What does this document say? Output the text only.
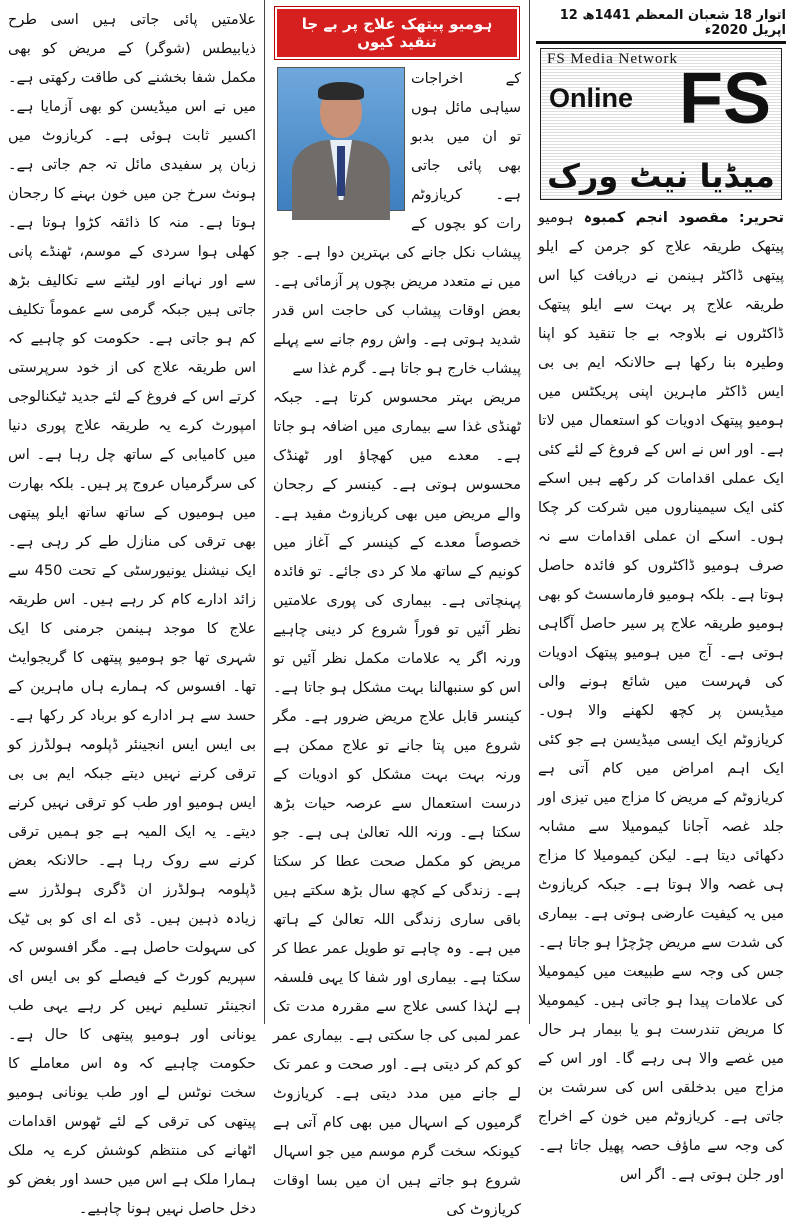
اتوار 18 شعبان المعظم 1441ھ 12 اپریل 2020ء
FS Media Network
Online FS
میڈیا نیٹ ورک
تحریر: مقصود انجم کمبوہ ہومیو پیتھک طریقہ علاج کو جرمن کے ایلو پیتھی ڈاکٹر ہینمن نے دریافت کیا اس طریقہ علاج پر بہت سے ایلو پیتھک ڈاکٹروں نے بلاوجہ بے جا تنقید کو اپنا وطیرہ بنا رکھا ہے حالانکہ ایم بی بی ایس ڈاکٹر ماہرین اپنی پریکٹس میں ہومیو پیتھک ادویات کو استعمال میں لاتا ہے۔ اور اس نے اس کے فروغ کے لئے کئی ایک عملی اقدامات کر رکھے ہیں اسکے کئی ایک سیمیناروں میں شرکت کر چکا ہوں۔ اسکے ان عملی اقدامات سے نہ صرف ہومیو ڈاکٹروں کو فائدہ حاصل ہوتا ہے۔ بلکہ ہومیو فارماسسٹ کو بھی ہومیو طریقہ علاج پر سیر حاصل آگاہی ہوتی ہے۔ آج میں ہومیو پیتھک ادویات کی فہرست میں شائع ہونے والی میڈیسن پر کچھ لکھنے والا ہوں۔ کریازوٹم ایک ایسی میڈیسن ہے جو کئی ایک اہم امراض میں کام آتی ہے کریازوٹم کے مریض کا مزاج میں تیزی اور جلد غصہ آجانا کیمومیلا سے مشابہ دکھائی دیتا ہے۔ لیکن کیمومیلا کا مزاج ہی غصہ والا ہوتا ہے۔ جبکہ کریازوٹ میں یہ کیفیت عارضی ہوتی ہے۔ بیماری کی شدت سے مریض چڑچڑا ہو جاتا ہے۔ جس کی وجہ سے طبیعت میں کیمومیلا کی علامات پیدا ہو جاتی ہیں۔ کیمومیلا کا مریض تندرست ہو یا بیمار ہر حال میں غصے والا ہی رہے گا۔ اور اس کے مزاج میں بدخلقی اس کی سرشت بن جاتی ہے۔ کریازوٹم میں خون کے اخراج کی وجہ سے ماؤف حصہ پھیل جاتا ہے۔ اور جلن ہوتی ہے۔ اگر اس
ہومیو پیتھک علاج پر بے جا تنقید کیوں
کے اخراجات سیاہی مائل ہوں تو ان میں بدبو بھی پائی جاتی ہے۔ کریازوٹم رات کو بچوں کے پیشاب نکل جانے کی بہترین دوا ہے۔ جو میں نے متعدد مریض بچوں پر آزمائی ہے۔ بعض اوقات پیشاب کی حاجت اس قدر شدید ہوتی ہے۔ واش روم جانے سے پہلے پیشاب خارج ہو جاتا ہے۔ گرم غذا سے
مریض بہتر محسوس کرتا ہے۔ جبکہ ٹھنڈی غذا سے بیماری میں اضافہ ہو جاتا ہے۔ معدے میں کھچاؤ اور ٹھنڈک محسوس ہوتی ہے۔ کینسر کے رجحان والے مریض میں بھی کریازوٹ مفید ہے۔ خصوصاً معدے کے کینسر کے آغاز میں کونیم کے ساتھ ملا کر دی جائے۔ تو فائدہ پہنچاتی ہے۔ بیماری کی پوری علامتیں نظر آئیں تو فوراً شروع کر دینی چاہیے ورنہ اگر یہ علامات مکمل نظر آئیں تو اس کو سنبھالنا بہت مشکل ہو جاتا ہے۔ کینسر قابل علاج مریض ضرور ہے۔ مگر شروع میں پتا جانے تو علاج ممکن ہے ورنہ بہت بہت مشکل کو ادویات کے درست استعمال سے عرصہ حیات بڑھ سکتا ہے۔ ورنہ اللہ تعالیٰ ہی ہے۔ جو مریض کو مکمل صحت عطا کر سکتا ہے۔ زندگی کے کچھ سال بڑھ سکتے ہیں باقی ساری زندگی اللہ تعالیٰ کے ہاتھ میں ہے۔ وہ چاہے تو طویل عمر عطا کر سکتا ہے۔ بیماری اور شفا کا یہی فلسفہ ہے لہٰذا کسی علاج سے مقررہ مدت تک عمر لمبی کی جا سکتی ہے۔ بیماری عمر کو کم کر دیتی ہے۔ اور صحت و عمر تک لے جانے میں مدد دیتی ہے۔ کریازوٹ گرمیوں کے اسہال میں بھی کام آتی ہے کیونکہ سخت گرم موسم میں جو اسہال شروع ہو جاتے ہیں ان میں بسا اوقات کریازوٹ کی
علامتیں پائی جاتی ہیں اسی طرح ذیابیطس (شوگر) کے مریض کو بھی مکمل شفا بخشنے کی طاقت رکھتی ہے۔ میں نے اس میڈیسن کو بھی آزمایا ہے۔ اکسیر ثابت ہوئی ہے۔ کریازوٹ میں زبان پر سفیدی مائل تہ جم جاتی ہے۔ ہونٹ سرخ جن میں خون بہنے کا رجحان ہوتا ہے۔ منہ کا ذائقہ کڑوا ہوتا ہے۔ کھلی ہوا سردی کے موسم، ٹھنڈے پانی سے اور نہانے اور لیٹنے سے تکالیف بڑھ جاتی ہیں جبکہ گرمی سے عموماً تکلیف کم ہو جاتی ہے۔ حکومت کو چاہیے کہ اس طریقہ علاج کی از خود سرپرستی کرتے اس کے فروغ کے لئے جدید ٹیکنالوجی امپورٹ کرے یہ طریقہ علاج پوری دنیا میں کامیابی کے ساتھ چل رہا ہے۔ اس کی سرگرمیاں عروج پر ہیں۔ بلکہ بھارت میں ہومیوں کے ساتھ ساتھ ایلو پیتھی بھی ترقی کی منازل طے کر رہی ہے۔ ایک نیشنل یونیورسٹی کے تحت 450 سے زائد ادارے کام کر رہے ہیں۔ اس طریقہ علاج کا موجد ہینمن جرمنی کا ایک شہری تھا جو ہومیو پیتھی کا گریجوایٹ تھا۔ افسوس کہ ہمارے ہاں ماہرین کے حسد سے ہر ادارے کو برباد کر رکھا ہے۔ بی ایس ایس انجینئر ڈپلومہ ہولڈرز کو ترقی کرنے نہیں دیتے جبکہ ایم بی بی ایس ہومیو اور طب کو ترقی نہیں کرنے دیتے۔ یہ ایک المیہ ہے جو ہمیں ترقی کرنے سے روک رہا ہے۔ حالانکہ بعض ڈپلومہ ہولڈرز ان ڈگری ہولڈرز سے زیادہ ذہین ہیں۔ ڈی اے ای کو بی ٹیک کی سہولت حاصل ہے۔ مگر افسوس کہ سپریم کورٹ کے فیصلے کو بی ایس ای انجینئر تسلیم نہیں کر رہے یہی طب یونانی اور ہومیو پیتھی کا حال ہے۔ حکومت چاہیے کہ وہ اس معاملے کا سخت نوٹس لے اور طب یونانی ہومیو پیتھی کی ترقی کے لئے ٹھوس اقدامات اٹھانے کی منتظم کوشش کرے یہ ملک ہمارا ملک ہے اس میں حسد اور بغض کو دخل حاصل نہیں ہونا چاہیے۔
